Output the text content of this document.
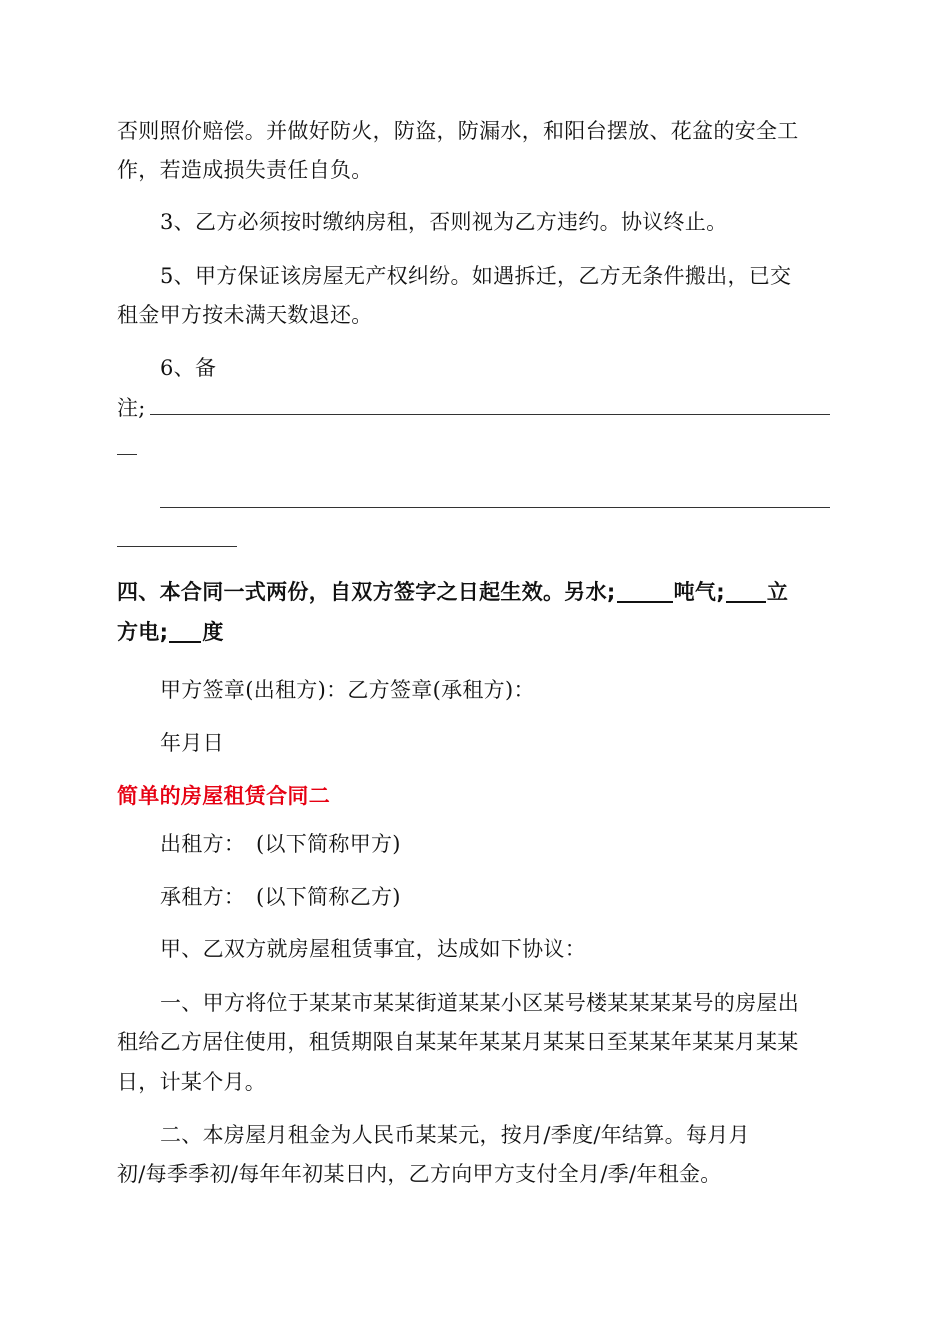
否则照价赔偿。并做好防火，防盗，防漏水，和阳台摆放、花盆的安全工
作，若造成损失责任自负。
3、乙方必须按时缴纳房租，否则视为乙方违约。协议终止。
5、甲方保证该房屋无产权纠纷。如遇拆迁，乙方无条件搬出，已交
租金甲方按未满天数退还。
6、备
注;
四、本合同一式两份，自双方签字之日起生效。另水;	吨气; 立
方电; 度
甲方签章(出租方)：乙方签章(承租方)：
年月日
简单的房屋租赁合同二
出租方：　(以下简称甲方)
承租方：　(以下简称乙方)
甲、乙双方就房屋租赁事宜，达成如下协议：
一、甲方将位于某某市某某街道某某小区某号楼某某某某号的房屋出
租给乙方居住使用，租赁期限自某某年某某月某某日至某某年某某月某某
日，计某个月。
二、本房屋月租金为人民币某某元，按月/季度/年结算。每月月
初/每季季初/每年年初某日内，乙方向甲方支付全月/季/年租金。
